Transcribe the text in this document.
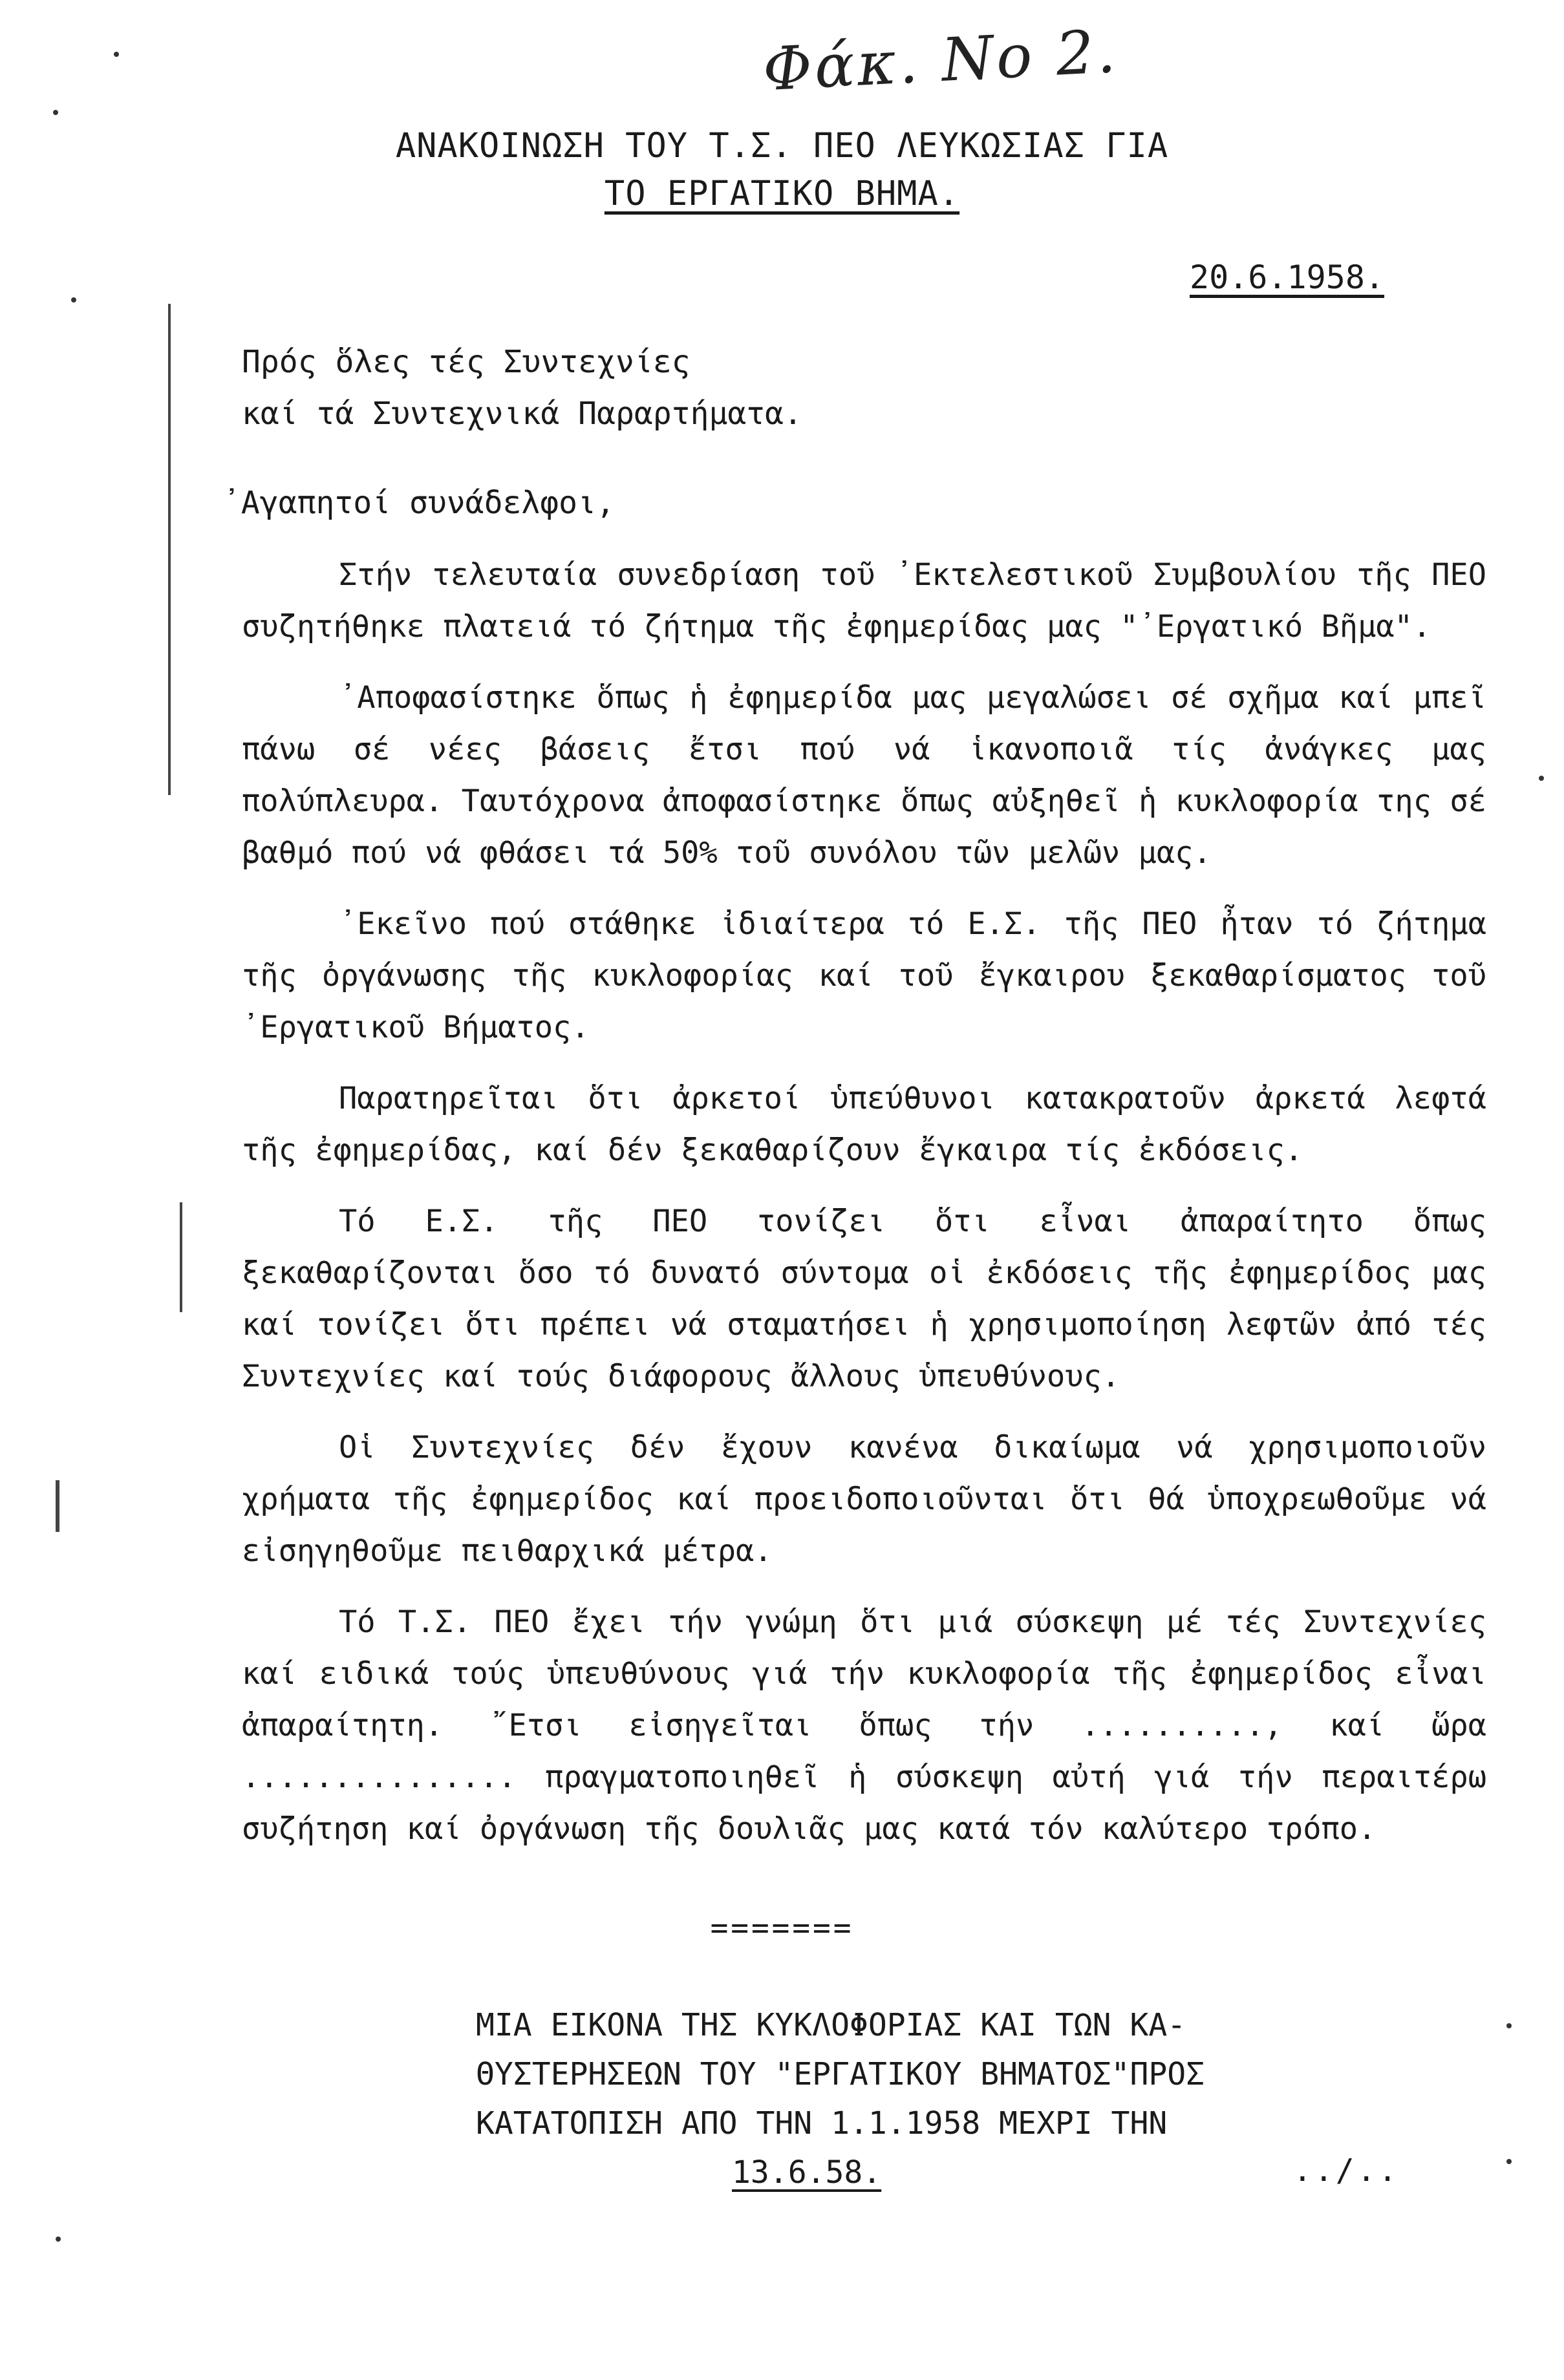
Φάκ. Νο 2.
ΑΝΑΚΟΙΝΩΣΗ ΤΟΥ Τ.Σ. ΠΕΟ ΛΕΥΚΩΣΙΑΣ ΓΙΑ
ΤΟ ΕΡΓΑΤΙΚΟ ΒΗΜΑ.
20.6.1958.
Πρός ὅλες τές Συντεχνίες
καί τά Συντεχνικά Παραρτήματα.
᾿Αγαπητοί συνάδελφοι,

Στήν τελευταία συνεδρίαση τοῦ ᾿Εκτελεστικοῦ Συμβουλίου τῆς ΠΕΟ συζητήθηκε πλατειά τό ζήτημα τῆς ἐφημερίδας μας "᾿Εργατικό Βῆμα".

᾿Αποφασίστηκε ὅπως ἡ ἐφημερίδα μας μεγαλώσει σέ σχῆμα καί μπεῖ πάνω σέ νέες βάσεις ἔτσι πού νά ἱκανοποιᾶ τίς ἀνάγκες μας πολύπλευρα. Ταυτόχρονα ἀποφασίστηκε ὅπως αὐξηθεῖ ἡ κυκλοφορία της σέ βαθμό πού νά φθάσει τά 50% τοῦ συνόλου τῶν μελῶν μας.

᾿Εκεῖνο πού στάθηκε ἰδιαίτερα τό Ε.Σ. τῆς ΠΕΟ ἦταν τό ζήτημα τῆς ὀργάνωσης τῆς κυκλοφορίας καί τοῦ ἔγκαιρου ξεκαθαρίσματος τοῦ ᾿Εργατικοῦ Βήματος.

Παρατηρεῖται ὅτι ἀρκετοί ὑπεύθυνοι κατακρατοῦν ἀρκετά λεφτά τῆς ἐφημερίδας, καί δέν ξεκαθαρίζουν ἔγκαιρα τίς ἐκδόσεις.

Τό Ε.Σ. τῆς ΠΕΟ τονίζει ὅτι εἶναι ἀπαραίτητο ὅπως ξεκαθαρίζονται ὅσο τό δυνατό σύντομα οἱ ἐκδόσεις τῆς ἐφημερίδος μας καί τονίζει ὅτι πρέπει νά σταματήσει ἡ χρησιμοποίηση λεφτῶν ἀπό τές Συντεχνίες καί τούς διάφορους ἄλλους ὑπευθύνους.

Οἱ Συντεχνίες δέν ἔχουν κανένα δικαίωμα νά χρησιμοποιοῦν χρήματα τῆς ἐφημερίδος καί προειδοποιοῦνται ὅτι θά ὑποχρεωθοῦμε νά εἰσηγηθοῦμε πειθαρχικά μέτρα.

Τό Τ.Σ. ΠΕΟ ἔχει τήν γνώμη ὅτι μιά σύσκεψη μέ τές Συντεχνίες καί ειδικά τούς ὑπευθύνους γιά τήν κυκλοφορία τῆς ἐφημερίδος εἶναι ἀπαραίτητη. ῎Ετσι εἰσηγεῖται ὅπως τήν .........., καί ὥρα ............... πραγματοποιηθεῖ ἡ σύσκεψη αὐτή γιά τήν περαιτέρω συζήτηση καί ὀργάνωση τῆς δουλιᾶς μας κατά τόν καλύτερο τρόπο.

=======
ΜΙΑ ΕΙΚΟΝΑ ΤΗΣ ΚΥΚΛΟΦΟΡΙΑΣ ΚΑΙ ΤΩΝ ΚΑ-
ΘΥΣΤΕΡΗΣΕΩΝ ΤΟΥ "ΕΡΓΑΤΙΚΟΥ ΒΗΜΑΤΟΣ"ΠΡΟΣ
ΚΑΤΑΤΟΠΙΣΗ ΑΠΟ ΤΗΝ 1.1.1958 ΜΕΧΡΙ ΤΗΝ
13.6.58.	../..
